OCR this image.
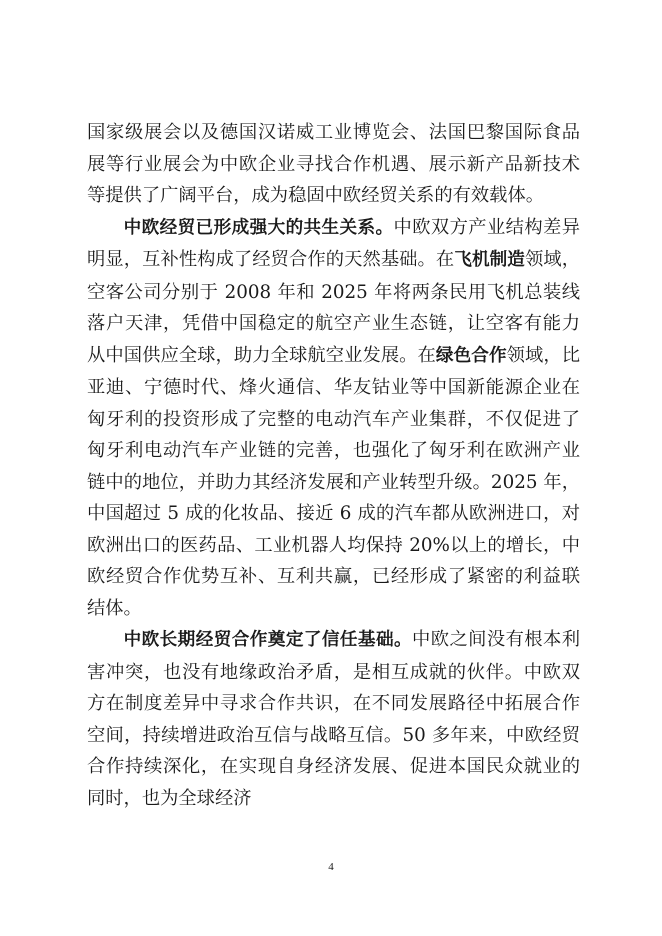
国家级展会以及德国汉诺威工业博览会、法国巴黎国际食品展等行业展会为中欧企业寻找合作机遇、展示新产品新技术等提供了广阔平台，成为稳固中欧经贸关系的有效载体。

中欧经贸已形成强大的共生关系。中欧双方产业结构差异明显，互补性构成了经贸合作的天然基础。在飞机制造领域，空客公司分别于 2008 年和 2025 年将两条民用飞机总装线落户天津，凭借中国稳定的航空产业生态链，让空客有能力从中国供应全球，助力全球航空业发展。在绿色合作领域，比亚迪、宁德时代、烽火通信、华友钴业等中国新能源企业在匈牙利的投资形成了完整的电动汽车产业集群，不仅促进了匈牙利电动汽车产业链的完善，也强化了匈牙利在欧洲产业链中的地位，并助力其经济发展和产业转型升级。2025 年，中国超过 5 成的化妆品、接近 6 成的汽车都从欧洲进口，对欧洲出口的医药品、工业机器人均保持 20%以上的增长，中欧经贸合作优势互补、互利共赢，已经形成了紧密的利益联结体。

中欧长期经贸合作奠定了信任基础。中欧之间没有根本利害冲突，也没有地缘政治矛盾，是相互成就的伙伴。中欧双方在制度差异中寻求合作共识，在不同发展路径中拓展合作空间，持续增进政治互信与战略互信。50 多年来，中欧经贸合作持续深化，在实现自身经济发展、促进本国民众就业的同时，也为全球经济

4
